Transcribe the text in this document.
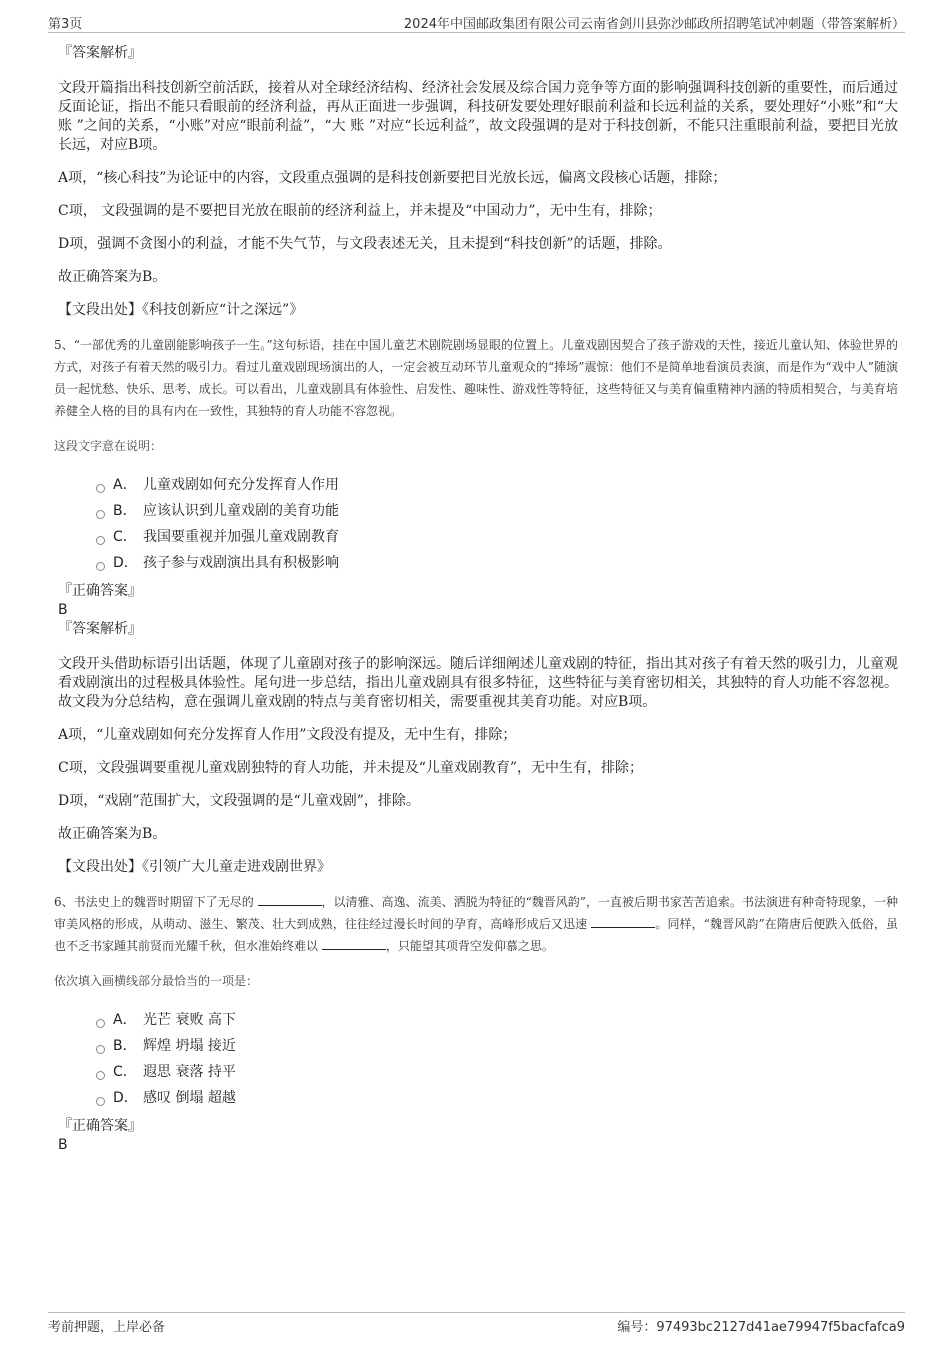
第3页	2024年中国邮政集团有限公司云南省剑川县弥沙邮政所招聘笔试冲刺题（带答案解析）

『答案解析』

文段开篇指出科技创新空前活跃，接着从对全球经济结构、经济社会发展及综合国力竞争等方面的影响强调科技创新的重要性，而后通过反面论证，指出不能只看眼前的经济利益，再从正面进一步强调，科技研发要处理好眼前利益和长远利益的关系，要处理好“小账”和“大 账 ”之间的关系，“小账”对应“眼前利益”，“大 账 ”对应“长远利益”，故文段强调的是对于科技创新，不能只注重眼前利益，要把目光放长远，对应B项。

A项，“核心科技”为论证中的内容，文段重点强调的是科技创新要把目光放长远，偏离文段核心话题，排除；

C项， 文段强调的是不要把目光放在眼前的经济利益上，并未提及“中国动力”，无中生有，排除；

D项，强调不贪图小的利益，才能不失气节，与文段表述无关，且未提到“科技创新”的话题，排除。

故正确答案为B。

【文段出处】《科技创新应“计之深远”》

5、“一部优秀的儿童剧能影响孩子一生。”这句标语，挂在中国儿童艺术剧院剧场显眼的位置上。儿童戏剧因契合了孩子游戏的天性，接近儿童认知、体验世界的方式，对孩子有着天然的吸引力。看过儿童戏剧现场演出的人，一定会被互动环节儿童观众的“捧场”震惊：他们不是简单地看演员表演，而是作为“戏中人”随演员一起忧愁、快乐、思考、成长。可以看出，儿童戏剧具有体验性、启发性、趣味性、游戏性等特征，这些特征又与美育偏重精神内涵的特质相契合，与美育培养健全人格的目的具有内在一致性，其独特的育人功能不容忽视。

这段文字意在说明：

A． 儿童戏剧如何充分发挥育人作用
B． 应该认识到儿童戏剧的美育功能
C． 我国要重视并加强儿童戏剧教育
D． 孩子参与戏剧演出具有积极影响

『正确答案』

B

『答案解析』

文段开头借助标语引出话题，体现了儿童剧对孩子的影响深远。随后详细阐述儿童戏剧的特征，指出其对孩子有着天然的吸引力，儿童观看戏剧演出的过程极具体验性。尾句进一步总结，指出儿童戏剧具有很多特征，这些特征与美育密切相关，其独特的育人功能不容忽视。故文段为分总结构，意在强调儿童戏剧的特点与美育密切相关，需要重视其美育功能。对应B项。

A项，“儿童戏剧如何充分发挥育人作用”文段没有提及，无中生有，排除；

C项，文段强调要重视儿童戏剧独特的育人功能，并未提及“儿童戏剧教育”，无中生有，排除；

D项，“戏剧”范围扩大，文段强调的是“儿童戏剧”，排除。

故正确答案为B。

【文段出处】《引领广大儿童走进戏剧世界》

6、书法史上的魏晋时期留下了无尽的	，以清雅、高逸、流美、洒脱为特征的“魏晋风韵”，一直被后期书家苦苦追索。书法演进有种奇特现象，一种审美风格的形成，从萌动、滋生、繁茂、壮大到成熟，往往经过漫长时间的孕育，高峰形成后又迅速	。同样，“魏晋风韵”在隋唐后便跌入低俗，虽也不乏书家踵其前贤而光耀千秋，但水准始终难以	，只能望其项背空发仰慕之思。

依次填入画横线部分最恰当的一项是：

A． 光芒 衰败 高下
B． 辉煌 坍塌 接近
C． 遐思 衰落 持平
D． 感叹 倒塌 超越

『正确答案』

B

考前押题，上岸必备	编号：97493bc2127d41ae79947f5bacfafca9
